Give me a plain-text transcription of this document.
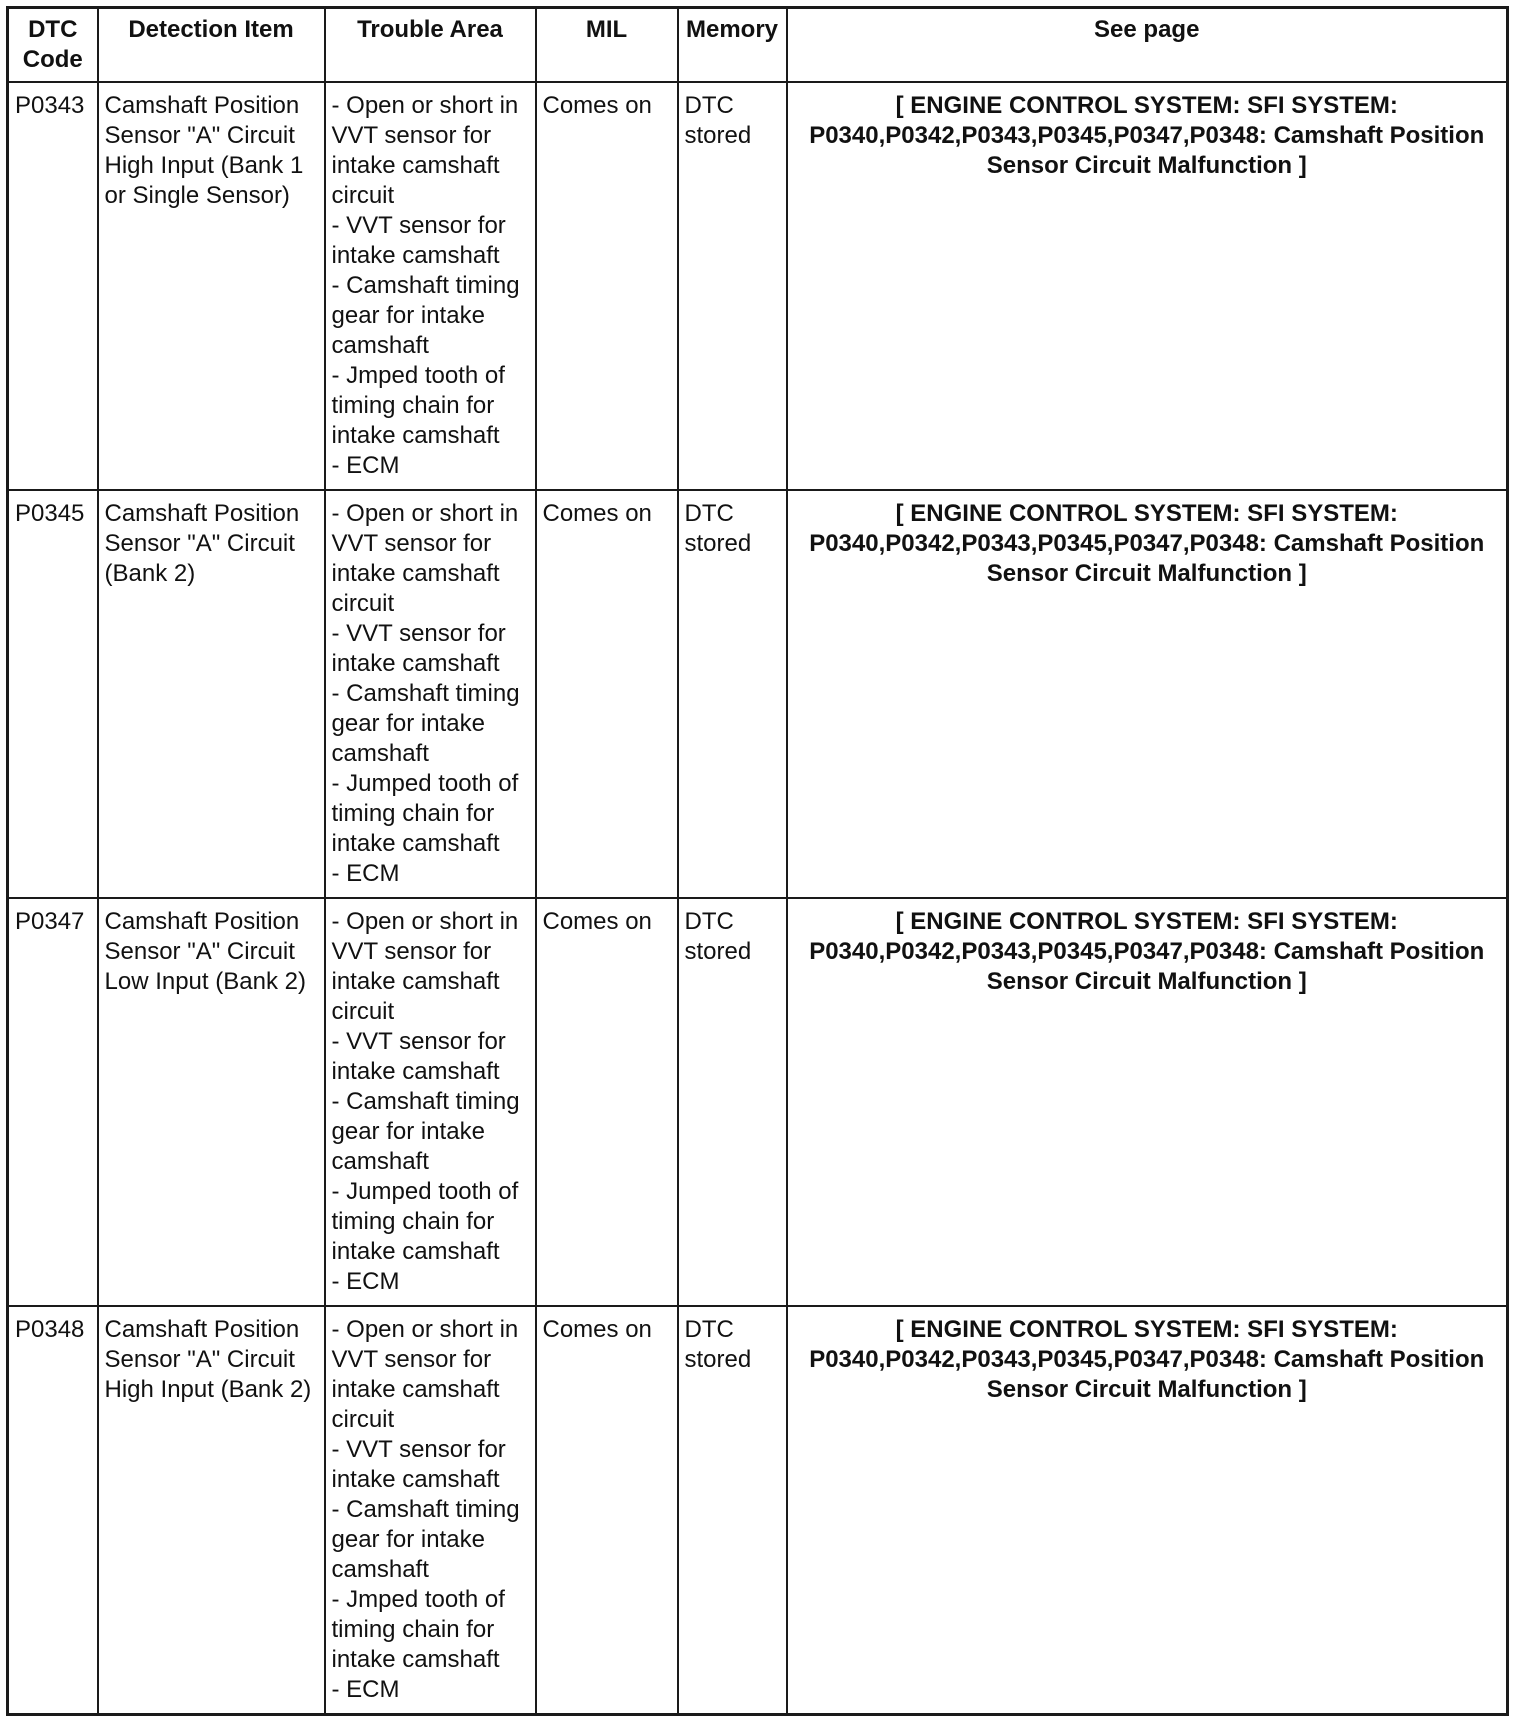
DTC Code	Detection Item	Trouble Area	MIL	Memory	See page
P0343	Camshaft Position Sensor "A" Circuit High Input (Bank 1 or Single Sensor)	- Open or short in VVT sensor for intake camshaft circuit
- VVT sensor for intake camshaft
- Camshaft timing gear for intake camshaft
- Jmped tooth of timing chain for intake camshaft
- ECM	Comes on	DTC stored	[ ENGINE CONTROL SYSTEM: SFI SYSTEM: P0340,P0342,P0343,P0345,P0347,P0348: Camshaft Position Sensor Circuit Malfunction ]
P0345	Camshaft Position Sensor "A" Circuit (Bank 2)	- Open or short in VVT sensor for intake camshaft circuit
- VVT sensor for intake camshaft
- Camshaft timing gear for intake camshaft
- Jumped tooth of timing chain for intake camshaft
- ECM	Comes on	DTC stored	[ ENGINE CONTROL SYSTEM: SFI SYSTEM: P0340,P0342,P0343,P0345,P0347,P0348: Camshaft Position Sensor Circuit Malfunction ]
P0347	Camshaft Position Sensor "A" Circuit Low Input (Bank 2)	- Open or short in VVT sensor for intake camshaft circuit
- VVT sensor for intake camshaft
- Camshaft timing gear for intake camshaft
- Jumped tooth of timing chain for intake camshaft
- ECM	Comes on	DTC stored	[ ENGINE CONTROL SYSTEM: SFI SYSTEM: P0340,P0342,P0343,P0345,P0347,P0348: Camshaft Position Sensor Circuit Malfunction ]
P0348	Camshaft Position Sensor "A" Circuit High Input (Bank 2)	- Open or short in VVT sensor for intake camshaft circuit
- VVT sensor for intake camshaft
- Camshaft timing gear for intake camshaft
- Jmped tooth of timing chain for intake camshaft
- ECM	Comes on	DTC stored	[ ENGINE CONTROL SYSTEM: SFI SYSTEM: P0340,P0342,P0343,P0345,P0347,P0348: Camshaft Position Sensor Circuit Malfunction ]
